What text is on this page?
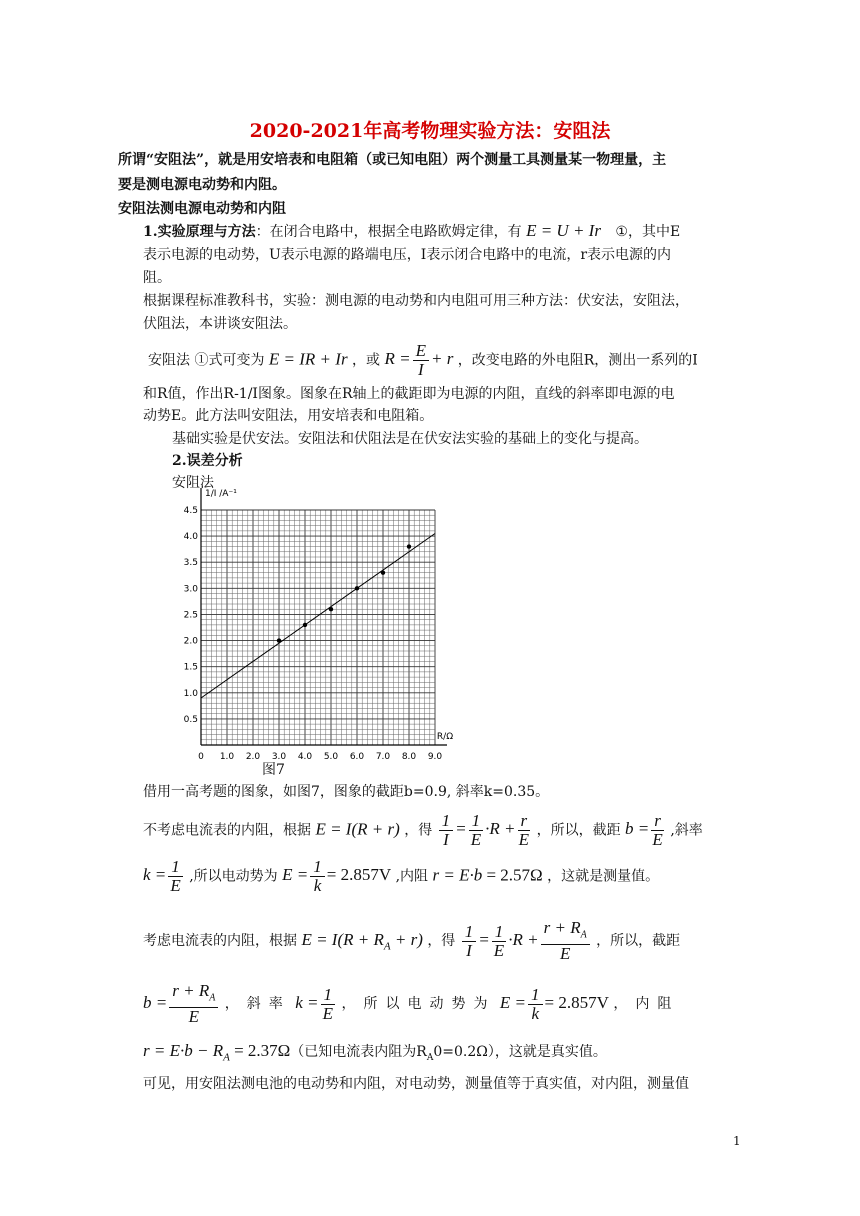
2020-2021年高考物理实验方法：安阻法
所谓“安阻法”，就是用安培表和电阻箱（或已知电阻）两个测量工具测量某一物理量，主
要是测电源电动势和内阻。
安阻法测电源电动势和内阻
1.实验原理与方法：在闭合电路中，根据全电路欧姆定律，有 E = U + Ir ①，其中E
表示电源的电动势，U表示电源的路端电压，I表示闭合电路中的电流，r表示电源的内
阻。
根据课程标准教科书，实验：测电源的电动势和内电阻可用三种方法：伏安法，安阻法，
伏阻法，本讲谈安阻法。
安阻法 ①式可变为 E = IR + Ir ，或 $R = \frac{E}{I} + r$ ，改变电路的外电阻R，测出一系列的I
和R值，作出R-1/I图象。图象在R轴上的截距即为电源的内阻，直线的斜率即电源的电
动势E。此方法叫安阻法，用安培表和电阻箱。
基础实验是伏安法。安阻法和伏阻法是在伏安法实验的基础上的变化与提高。
2.误差分析
安阻法
0 1.0 2.0 3.0 4.0 5.0 6.0 7.0 8.0 9.0
0.5
1.0
1.5
2.0
2.5
3.0
3.5
4.0
4.5
R/Ω
1/I /A⁻¹
图7
借用一高考题的图象，如图7，图象的截距b=0.9, 斜率k=0.35。
不考虑电流表的内阻，根据 E = I(R + r) ，得 $\frac{1}{I} = \frac{1}{E} \cdot R + \frac{r}{E}$ ，所以，截距 $b = \frac{r}{E}$ ,斜率
$k = \frac{1}{E}$ ,所以电动势为 $E = \frac{1}{k} = 2.857V$ ,内阻 r = E·b = 2.57Ω ，这就是测量值。
考虑电流表的内阻，根据 $E = I(R + R_A + r)$ ，得 $\frac{1}{I} = \frac{1}{E} \cdot R + \frac{r + R_A}{E}$ ，所以，截距
$b = \frac{r + R_A}{E}$ ，斜率 $k = \frac{1}{E}$ ，所以电动势为 $E = \frac{1}{k} = 2.857V$ ，内阻
$r = E\cdot b - R_A = 2.37\Omega$（已知电流表内阻为$R_A0=0.2\Omega$），这就是真实值。
可见，用安阻法测电池的电动势和内阻，对电动势，测量值等于真实值，对内阻，测量值
1
